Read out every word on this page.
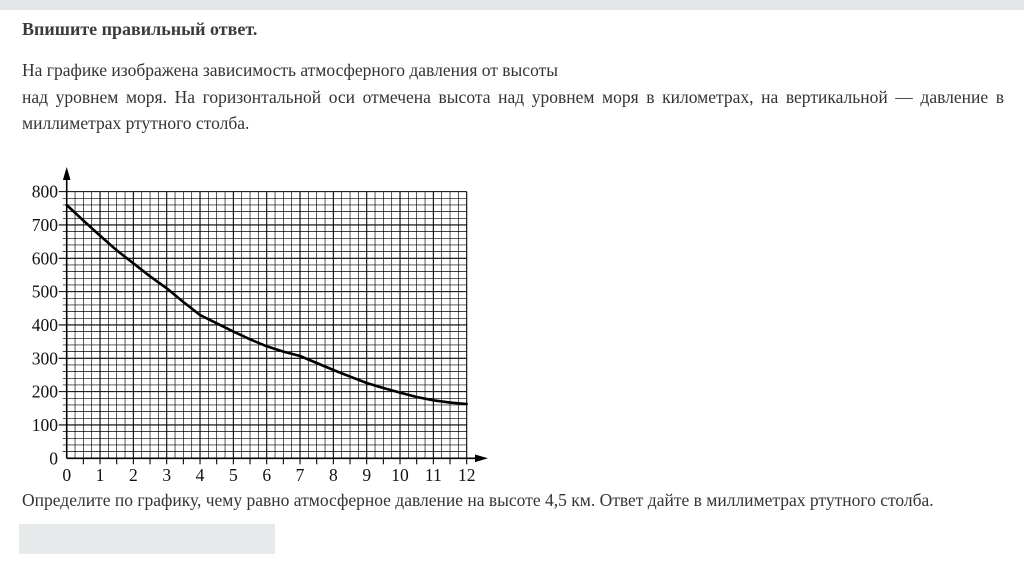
Впишите правильный ответ.
На графике изображена зависимость атмосферного давления от высоты
над уровнем моря. На горизонтальной оси отмечена высота над уровнем моря в километрах, на вертикальной — давление в
миллиметрах ртутного столба.
0
100
200
300
400
500
600
700
800
0 1 2 3 4 5 6 7 8 9 10 11 12
Определите по графику, чему равно атмосферное давление на высоте 4,5 км. Ответ дайте в миллиметрах ртутного столба.
